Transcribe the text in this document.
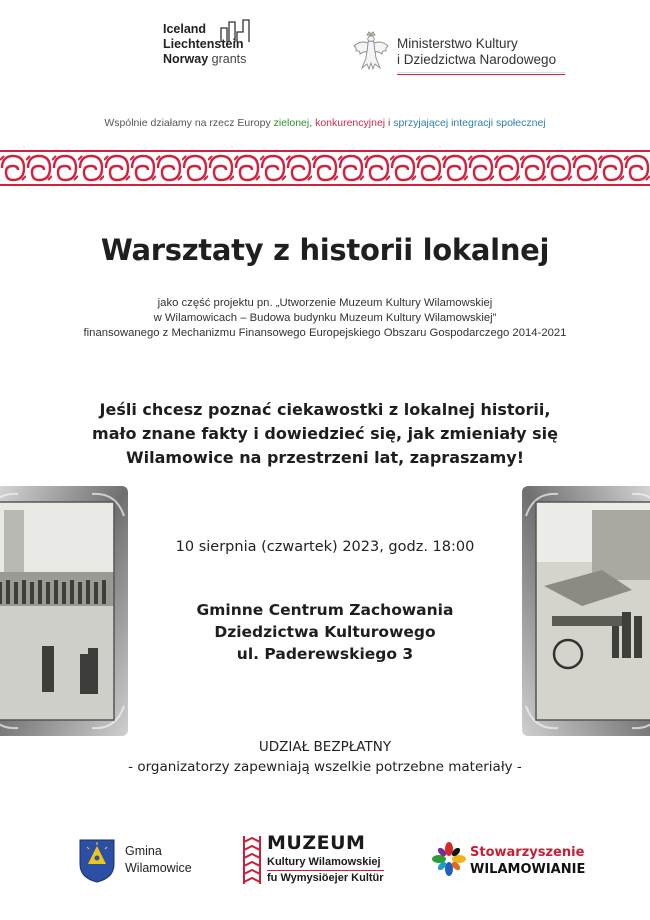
Iceland
Liechtenstein
Norway grants
Ministerstwo Kultury
i Dziedzictwa Narodowego
Wspólnie działamy na rzecz Europy zielonej, konkurencyjnej i sprzyjającej integracji społecznej
Warsztaty z historii lokalnej
jako część projektu pn. „Utworzenie Muzeum Kultury Wilamowskiej
w Wilamowicach – Budowa budynku Muzeum Kultury Wilamowskiej”
finansowanego z Mechanizmu Finansowego Europejskiego Obszaru Gospodarczego 2014-2021
Jeśli chcesz poznać ciekawostki z lokalnej historii,
mało znane fakty i dowiedzieć się, jak zmieniały się
Wilamowice na przestrzeni lat, zapraszamy!
10 sierpnia (czwartek) 2023, godz. 18:00
Gminne Centrum Zachowania
Dziedzictwa Kulturowego
ul. Paderewskiego 3
UDZIAŁ BEZPŁATNY
- organizatorzy zapewniają wszelkie potrzebne materiały -
Gmina
Wilamowice
MUZEUM
Kultury Wilamowskiej
fu Wymysiöejer Kultür
Stowarzyszenie
WILAMOWIANIE
